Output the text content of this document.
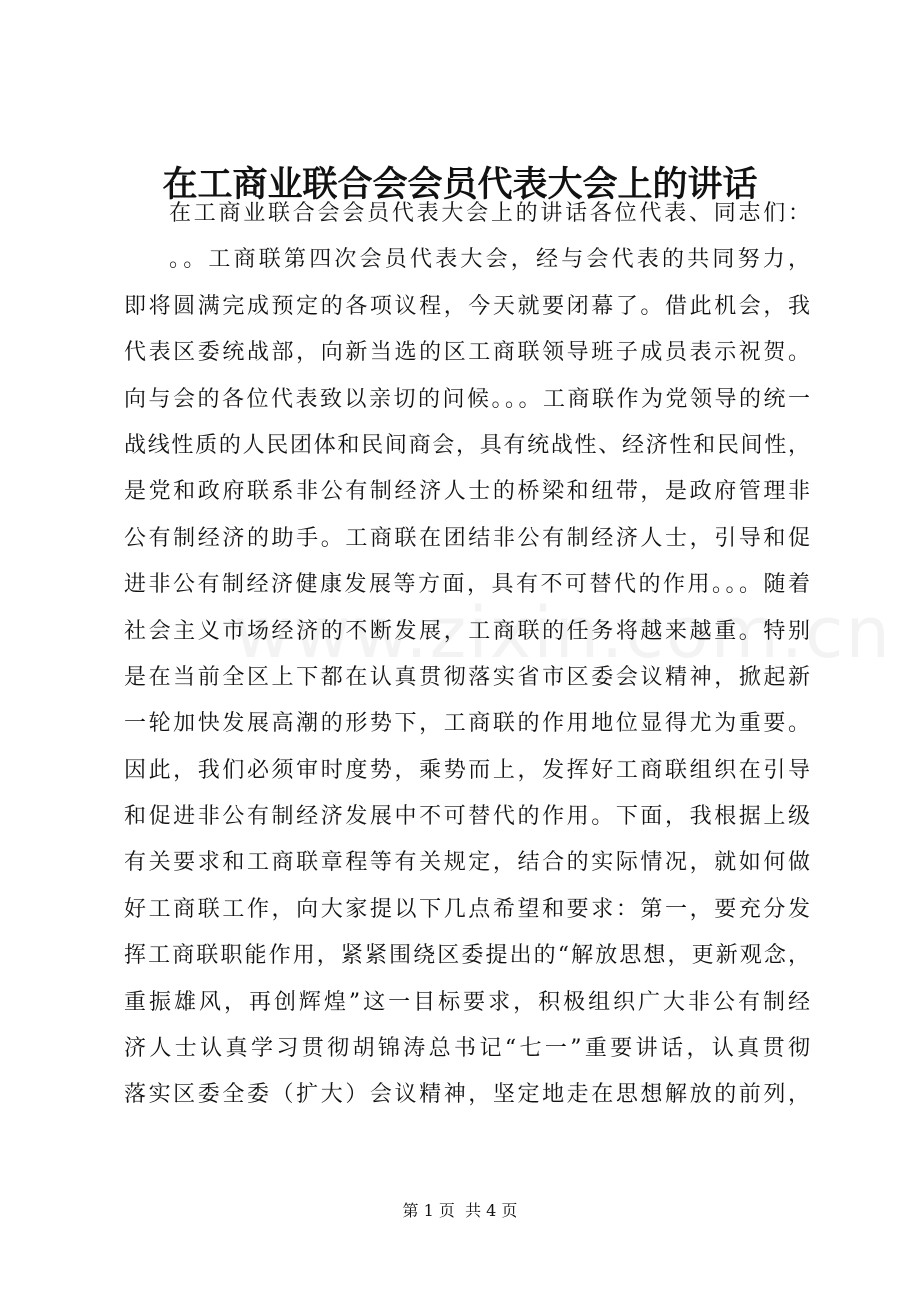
在工商业联合会会员代表大会上的讲话
在工商业联合会会员代表大会上的讲话各位代表、同志们：
。。工商联第四次会员代表大会，经与会代表的共同努力，
即将圆满完成预定的各项议程，今天就要闭幕了。借此机会，我
代表区委统战部，向新当选的区工商联领导班子成员表示祝贺。
向与会的各位代表致以亲切的问候。。。工商联作为党领导的统一
战线性质的人民团体和民间商会，具有统战性、经济性和民间性，
是党和政府联系非公有制经济人士的桥梁和纽带，是政府管理非
公有制经济的助手。工商联在团结非公有制经济人士，引导和促
进非公有制经济健康发展等方面，具有不可替代的作用。。。随着
社会主义市场经济的不断发展，工商联的任务将越来越重。特别
是在当前全区上下都在认真贯彻落实省市区委会议精神，掀起新
一轮加快发展高潮的形势下，工商联的作用地位显得尤为重要。
因此，我们必须审时度势，乘势而上，发挥好工商联组织在引导
和促进非公有制经济发展中不可替代的作用。下面，我根据上级
有关要求和工商联章程等有关规定，结合的实际情况，就如何做
好工商联工作，向大家提以下几点希望和要求：第一，要充分发
挥工商联职能作用，紧紧围绕区委提出的“解放思想，更新观念，
重振雄风，再创辉煌”这一目标要求，积极组织广大非公有制经
济人士认真学习贯彻胡锦涛总书记“七一”重要讲话，认真贯彻
落实区委全委（扩大）会议精神，坚定地走在思想解放的前列，
第 1 页  共 4 页
